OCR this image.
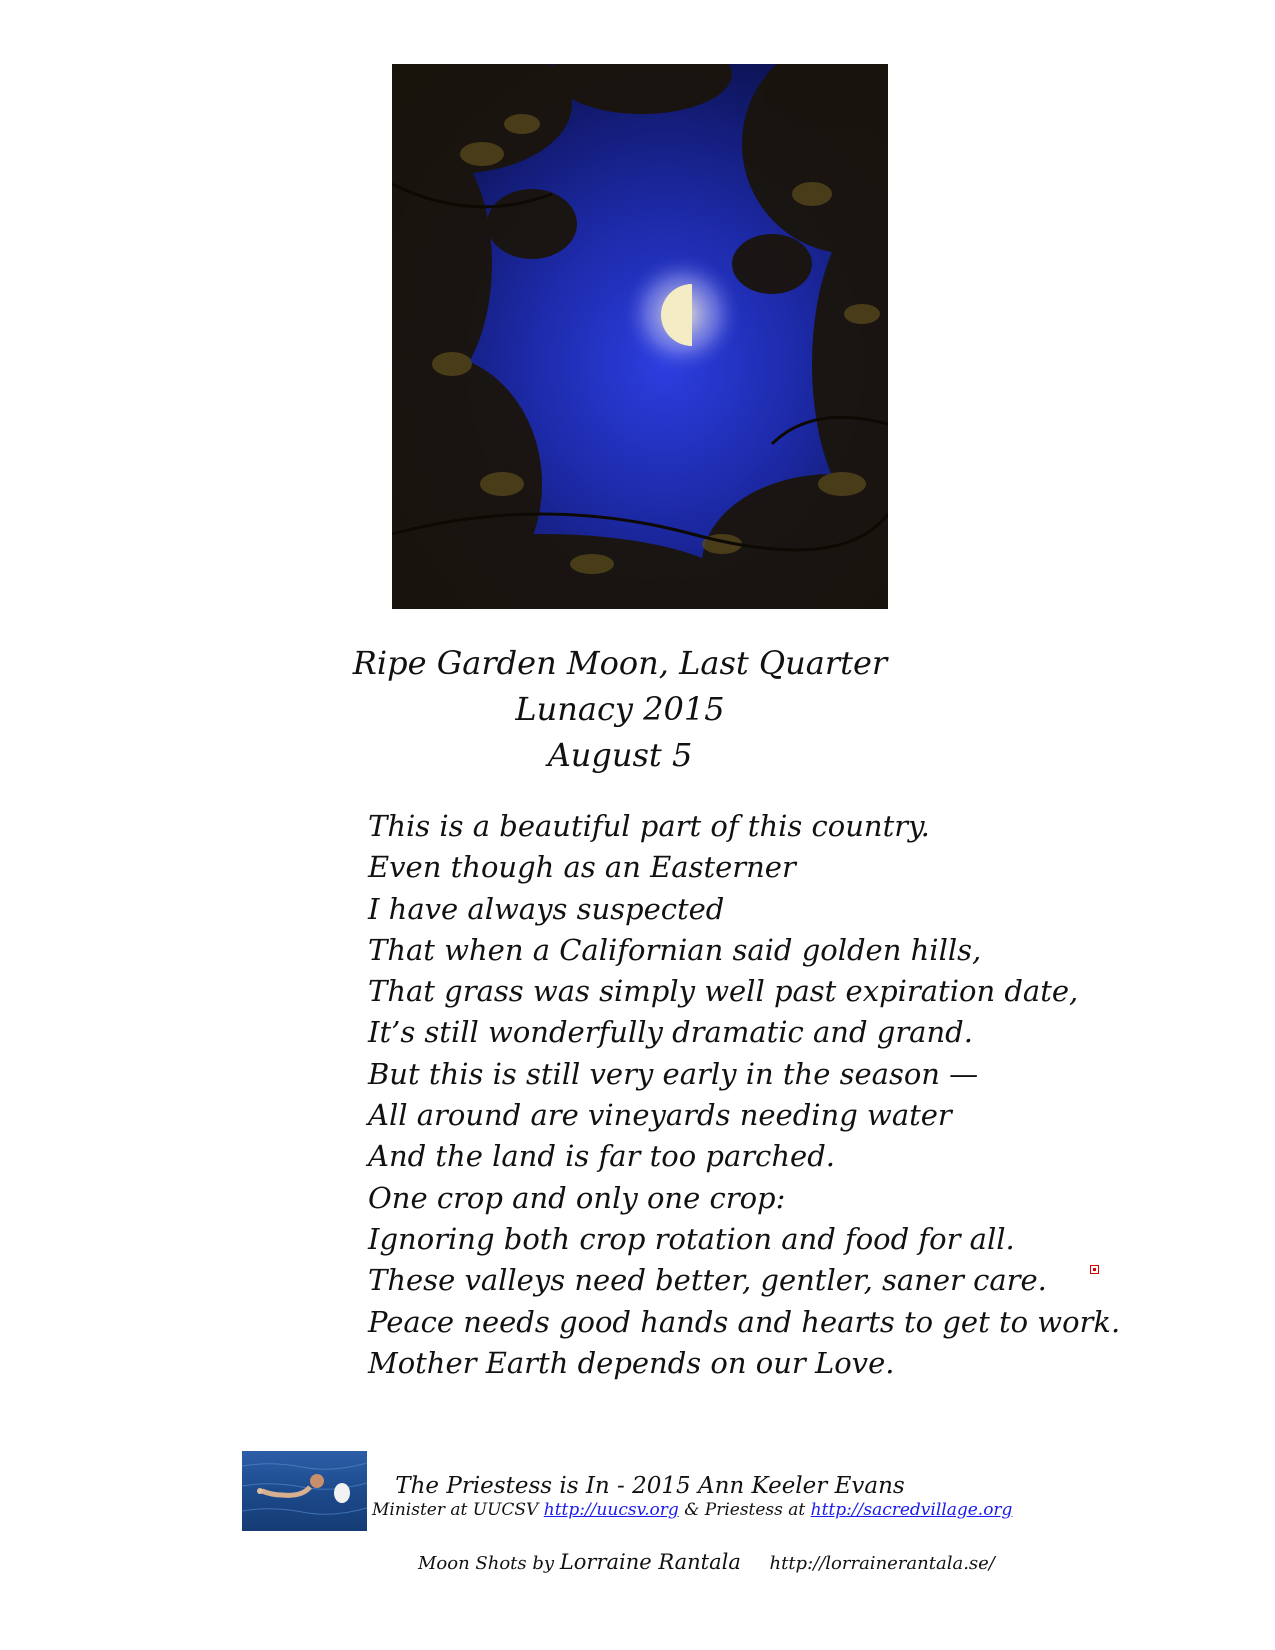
Ripe Garden Moon, Last Quarter
Lunacy 2015
August 5
This is a beautiful part of this country.
Even though as an Easterner
I have always suspected
That when a Californian said golden hills,
That grass was simply well past expiration date,
It’s still wonderfully dramatic and grand.
But this is still very early in the season —
All around are vineyards needing water
And the land is far too parched.
One crop and only one crop:
Ignoring both crop rotation and food for all.
These valleys need better, gentler, saner care.
Peace needs good hands and hearts to get to work.
Mother Earth depends on our Love.
The Priestess is In - 2015 Ann Keeler Evans
Minister at UUCSV http://uucsv.org & Priestess at http://sacredvillage.org
Moon Shots by Lorraine Rantala http://lorrainerantala.se/
